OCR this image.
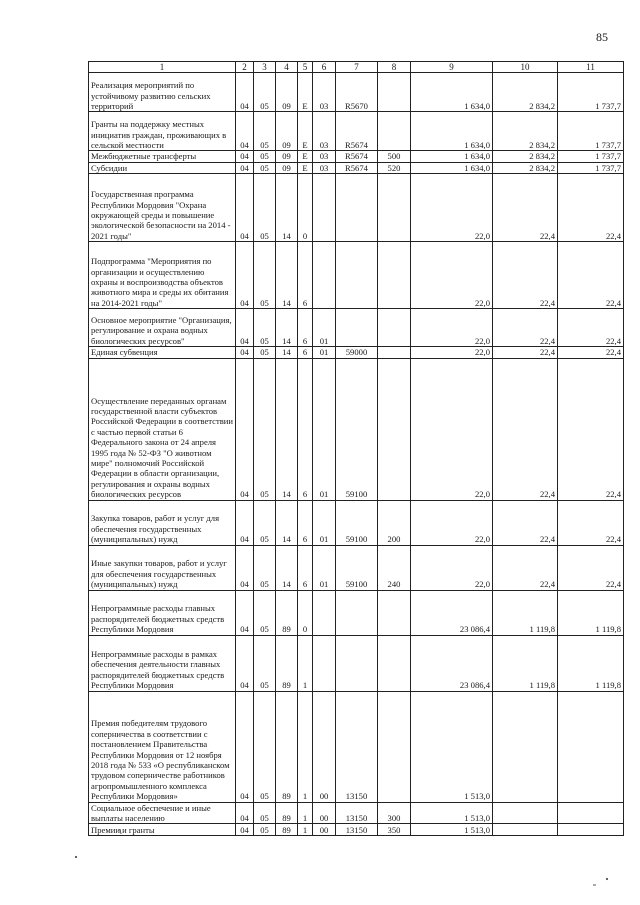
85
1	2	3	4	5	6	7	8	9	10	11
Реализация мероприятий по устойчивому развитию сельских территорий	04	05	09	E	03	R5670		1 634,0	2 834,2	1 737,7
Гранты на поддержку местных инициатив граждан, проживающих в сельской местности	04	05	09	E	03	R5674		1 634,0	2 834,2	1 737,7
Межбюджетные трансферты	04	05	09	E	03	R5674	500	1 634,0	2 834,2	1 737,7
Субсидии	04	05	09	E	03	R5674	520	1 634,0	2 834,2	1 737,7
Государственная программа Республики Мордовия "Охрана окружающей среды и повышение экологической безопасности на 2014 - 2021 годы"	04	05	14	0				22,0	22,4	22,4
Подпрограмма "Мероприятия по организации и осуществлению охраны и воспроизводства объектов животного мира и среды их обитания на 2014-2021 годы"	04	05	14	6				22,0	22,4	22,4
Основное мероприятие "Организация, регулирование и охрана водных биологических ресурсов"	04	05	14	6	01			22,0	22,4	22,4
Единая субвенция	04	05	14	6	01	59000		22,0	22,4	22,4
Осуществление переданных органам государственной власти субъектов Российской Федерации в соответствии с частью первой статьи 6 Федерального закона от 24 апреля 1995 года № 52-ФЗ "О животном мире" полномочий Российской Федерации в области организации, регулирования и охраны водных биологических ресурсов	04	05	14	6	01	59100		22,0	22,4	22,4
Закупка товаров, работ и услуг для обеспечения государственных (муниципальных) нужд	04	05	14	6	01	59100	200	22,0	22,4	22,4
Иные закупки товаров, работ и услуг для обеспечения государственных (муниципальных) нужд	04	05	14	6	01	59100	240	22,0	22,4	22,4
Непрограммные расходы главных распорядителей бюджетных средств Республики Мордовия	04	05	89	0				23 086,4	1 119,8	1 119,8
Непрограммные расходы в рамках обеспечения деятельности главных распорядителей бюджетных средств Республики Мордовия	04	05	89	1				23 086,4	1 119,8	1 119,8
Премия победителям трудового соперничества в соответствии с постановлением Правительства Республики Мордовия от 12 ноября 2018 года № 533 «О республиканском трудовом соперничестве работников агропромышленного комплекса Республики Мордовия»	04	05	89	1	00	13150		1 513,0		
Социальное обеспечение и иные выплаты населению	04	05	89	1	00	13150	300	1 513,0		
Премии и гранты	04	05	89	1	00	13150	350	1 513,0		
